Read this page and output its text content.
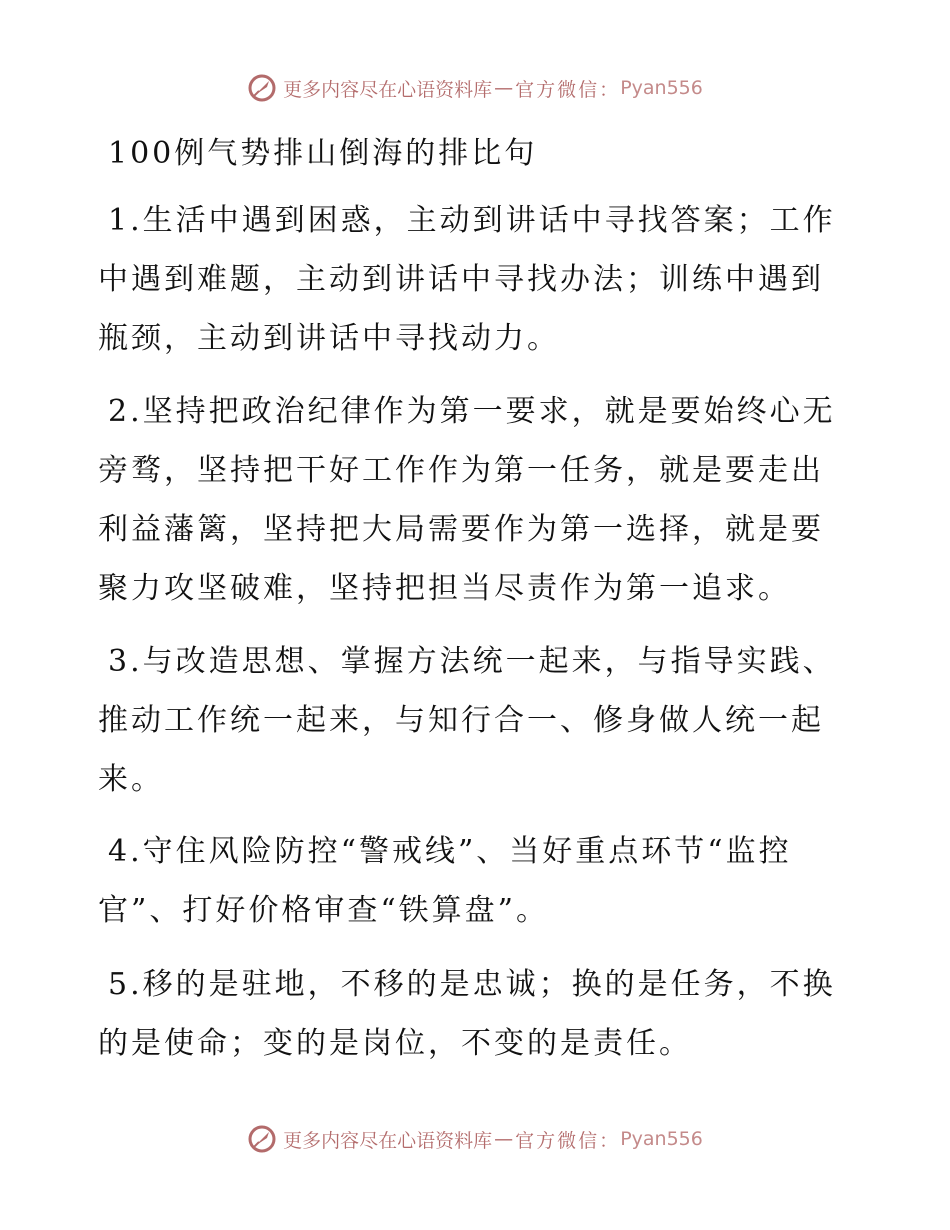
更多内容尽在心语资料库 — 官方微信： Pyan556
100例气势排山倒海的排比句

1.生活中遇到困惑，主动到讲话中寻找答案；工作中遇到难题，主动到讲话中寻找办法；训练中遇到瓶颈，主动到讲话中寻找动力。

2.坚持把政治纪律作为第一要求，就是要始终心无旁骛，坚持把干好工作作为第一任务，就是要走出利益藩篱，坚持把大局需要作为第一选择，就是要聚力攻坚破难，坚持把担当尽责作为第一追求。

3.与改造思想、掌握方法统一起来，与指导实践、推动工作统一起来，与知行合一、修身做人统一起来。

4.守住风险防控“警戒线”、当好重点环节“监控官”、打好价格审查“铁算盘”。

5.移的是驻地，不移的是忠诚；换的是任务，不换的是使命；变的是岗位，不变的是责任。

更多内容尽在心语资料库 — 官方微信： Pyan556
